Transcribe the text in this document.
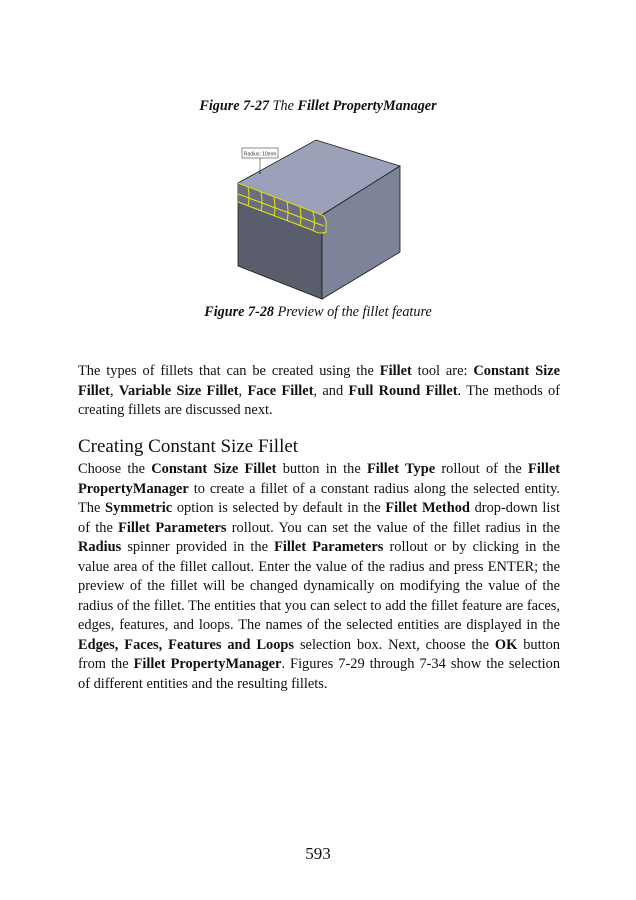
Figure 7-27 The Fillet PropertyManager
Radius: 10mm
Figure 7-28 Preview of the fillet feature

The types of fillets that can be created using the Fillet tool are: Constant Size Fillet, Variable Size Fillet, Face Fillet, and Full Round Fillet. The methods of creating fillets are discussed next.

Creating Constant Size Fillet

Choose the Constant Size Fillet button in the Fillet Type rollout of the Fillet PropertyManager to create a fillet of a constant radius along the selected entity. The Symmetric option is selected by default in the Fillet Method drop-down list of the Fillet Parameters rollout. You can set the value of the fillet radius in the Radius spinner provided in the Fillet Parameters rollout or by clicking in the value area of the fillet callout. Enter the value of the radius and press ENTER; the preview of the fillet will be changed dynamically on modifying the value of the radius of the fillet. The entities that you can select to add the fillet feature are faces, edges, features, and loops. The names of the selected entities are displayed in the Edges, Faces, Features and Loops selection box. Next, choose the OK button from the Fillet PropertyManager. Figures 7-29 through 7-34 show the selection of different entities and the resulting fillets.

593
